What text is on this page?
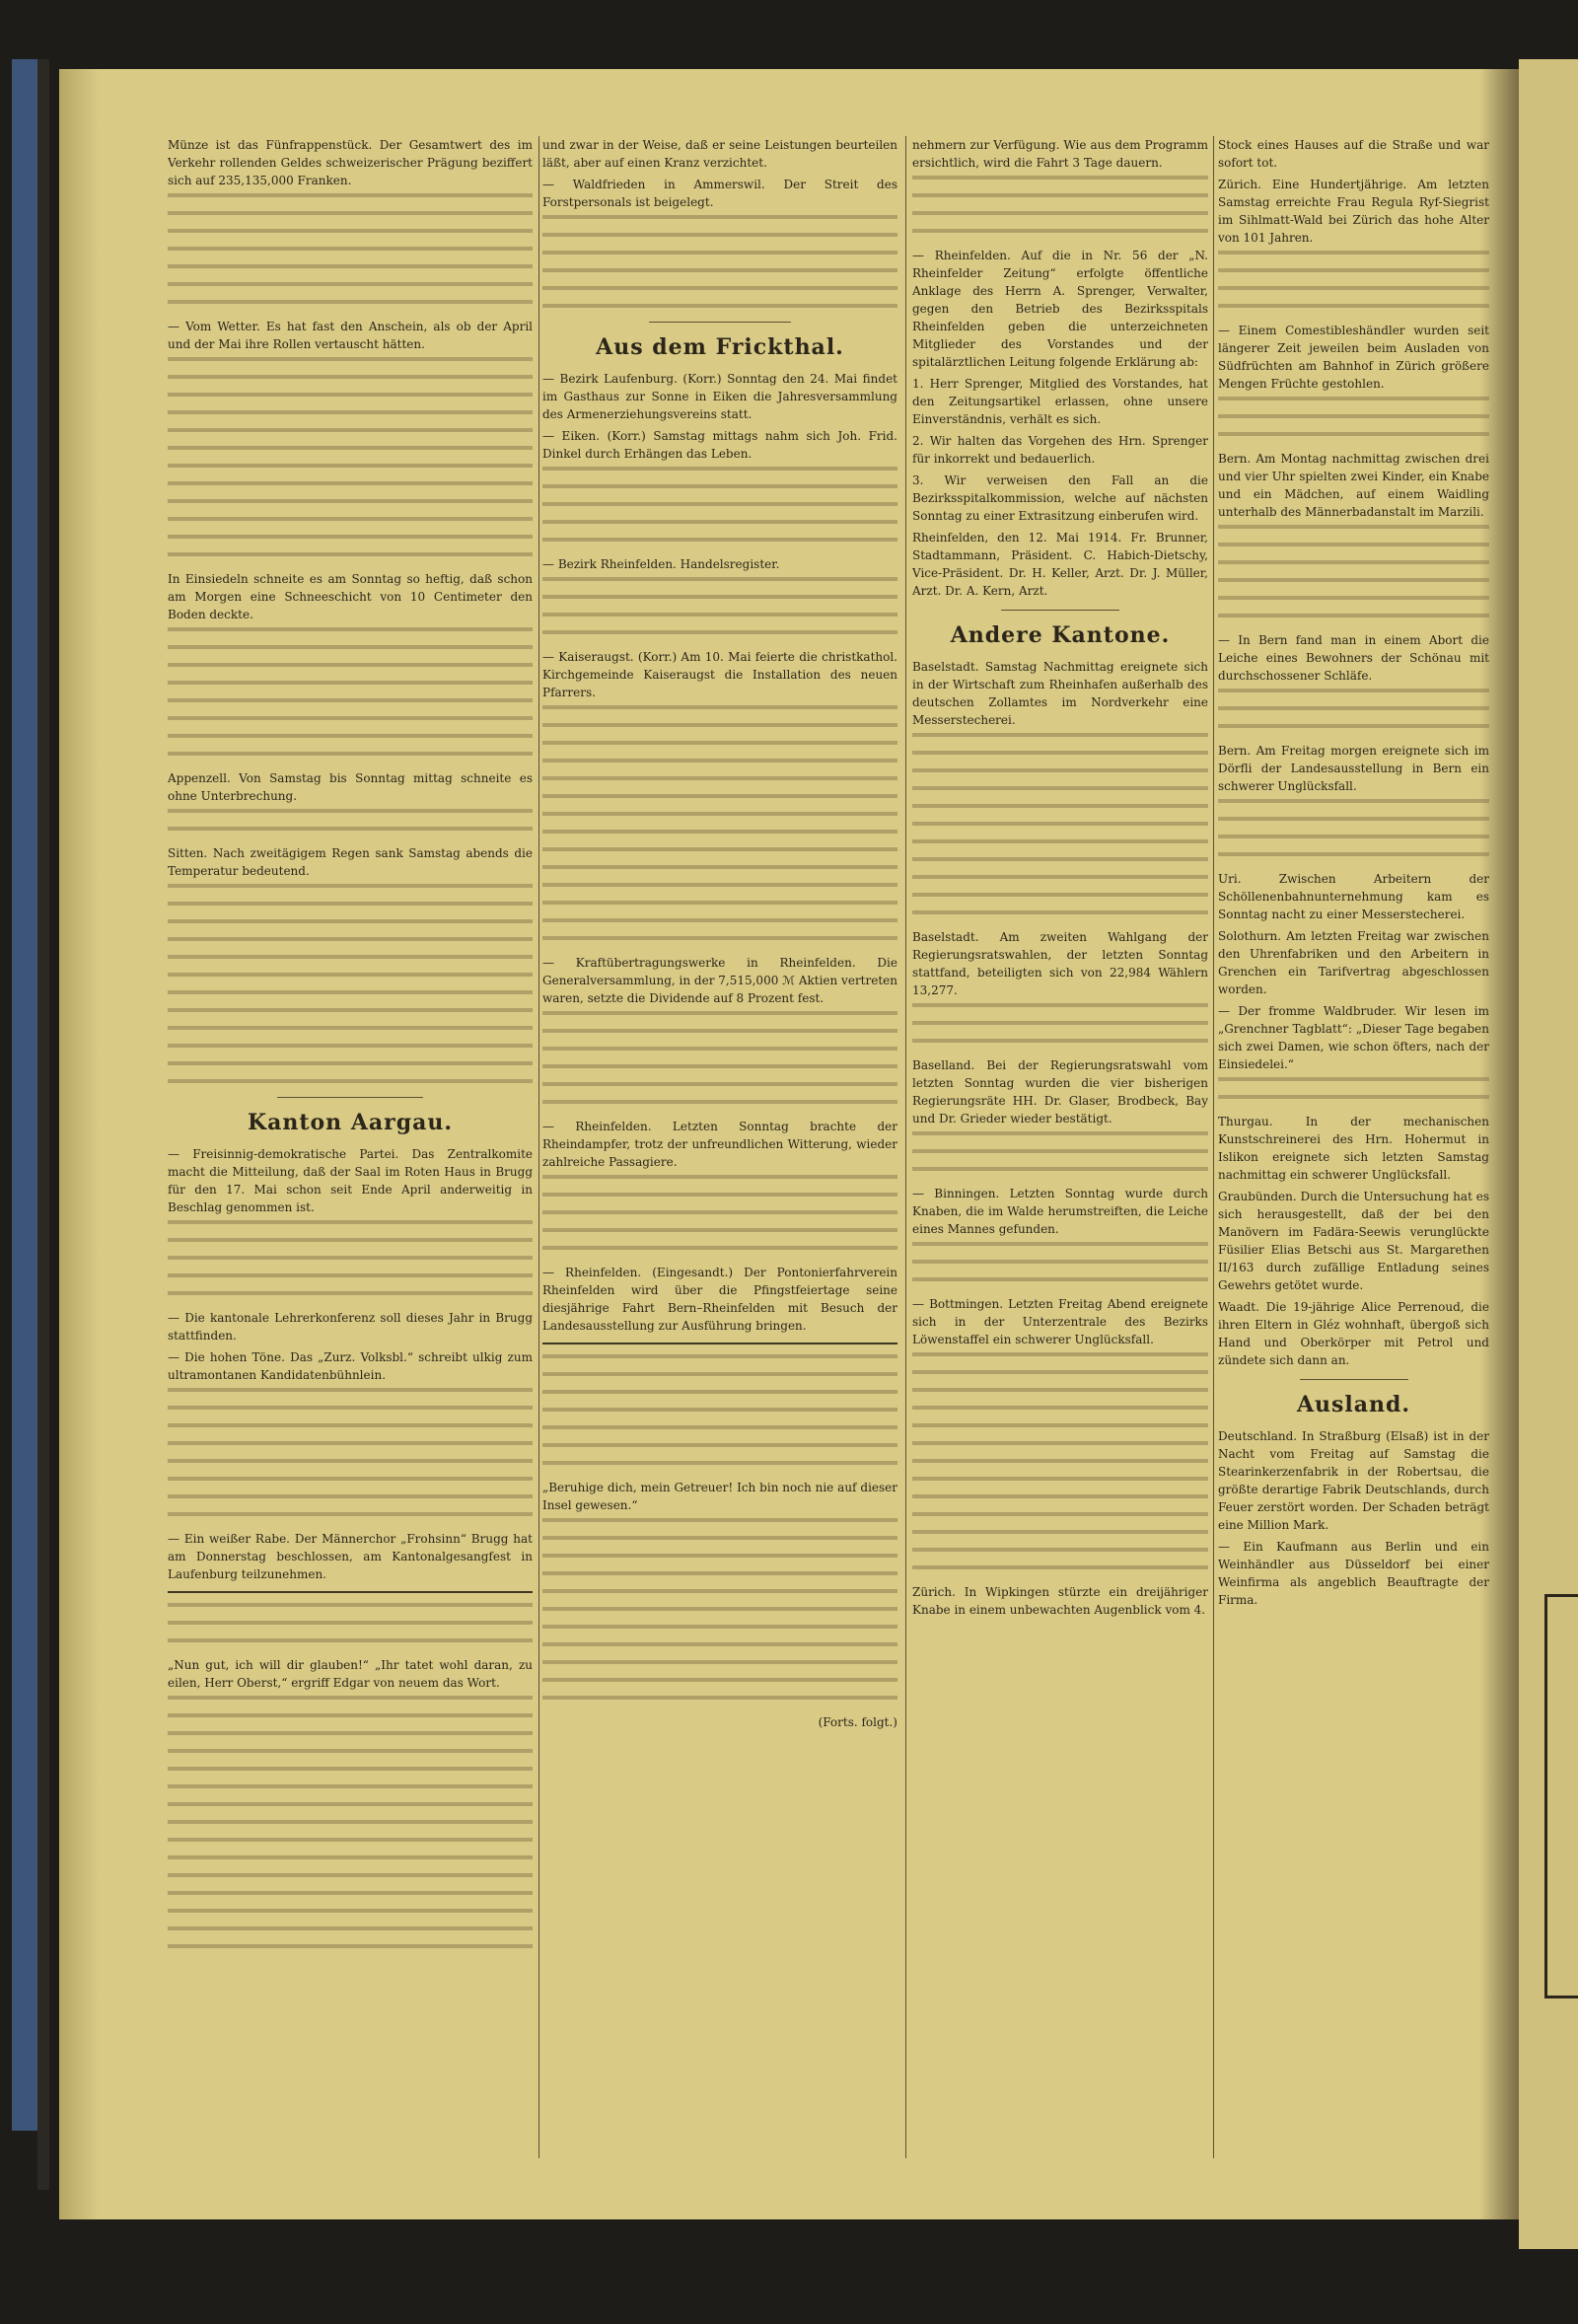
Münze ist das Fünfrappenstück. Der Gesamtwert des im Verkehr rollenden Geldes schweizerischer Prägung beziffert sich auf 235,135,000 Franken.

— Vom Wetter. Es hat fast den Anschein, als ob der April und der Mai ihre Rollen vertauscht hätten.

In Einsiedeln schneite es am Sonntag so heftig, daß schon am Morgen eine Schneeschicht von 10 Centimeter den Boden deckte.

Appenzell. Von Samstag bis Sonntag mittag schneite es ohne Unterbrechung.

Sitten. Nach zweitägigem Regen sank Samstag abends die Temperatur bedeutend.

Kanton Aargau.

— Freisinnig-demokratische Partei. Das Zentralkomite macht die Mitteilung, daß der Saal im Roten Haus in Brugg für den 17. Mai schon seit Ende April anderweitig in Beschlag genommen ist.

— Die kantonale Lehrerkonferenz soll dieses Jahr in Brugg stattfinden.

— Die hohen Töne. Das „Zurz. Volksbl.“ schreibt ulkig zum ultramontanen Kandidatenbühnlein.

— Ein weißer Rabe. Der Männerchor „Frohsinn“ Brugg hat am Donnerstag beschlossen, am Kantonalgesangfest in Laufenburg teilzunehmen.

„Nun gut, ich will dir glauben!“ „Ihr tatet wohl daran, zu eilen, Herr Oberst,“ ergriff Edgar von neuem das Wort.

und zwar in der Weise, daß er seine Leistungen beurteilen läßt, aber auf einen Kranz verzichtet.

— Waldfrieden in Ammerswil. Der Streit des Forstpersonals ist beigelegt.

Aus dem Frickthal.

— Bezirk Laufenburg. (Korr.) Sonntag den 24. Mai findet im Gasthaus zur Sonne in Eiken die Jahresversammlung des Armenerziehungsvereins statt.

— Eiken. (Korr.) Samstag mittags nahm sich Joh. Frid. Dinkel durch Erhängen das Leben.

— Bezirk Rheinfelden. Handelsregister.

— Kaiseraugst. (Korr.) Am 10. Mai feierte die christkathol. Kirchgemeinde Kaiseraugst die Installation des neuen Pfarrers.

— Kraftübertragungswerke in Rheinfelden. Die Generalversammlung, in der 7,515,000 ℳ Aktien vertreten waren, setzte die Dividende auf 8 Prozent fest.

— Rheinfelden. Letzten Sonntag brachte der Rheindampfer, trotz der unfreundlichen Witterung, wieder zahlreiche Passagiere.

— Rheinfelden. (Eingesandt.) Der Pontonierfahrverein Rheinfelden wird über die Pfingstfeiertage seine diesjährige Fahrt Bern–Rheinfelden mit Besuch der Landesausstellung zur Ausführung bringen.

„Beruhige dich, mein Getreuer! Ich bin noch nie auf dieser Insel gewesen.“

(Forts. folgt.)

nehmern zur Verfügung. Wie aus dem Programm ersichtlich, wird die Fahrt 3 Tage dauern.

— Rheinfelden. Auf die in Nr. 56 der „N. Rheinfelder Zeitung“ erfolgte öffentliche Anklage des Herrn A. Sprenger, Verwalter, gegen den Betrieb des Bezirksspitals Rheinfelden geben die unterzeichneten Mitglieder des Vorstandes und der spitalärztlichen Leitung folgende Erklärung ab:

1. Herr Sprenger, Mitglied des Vorstandes, hat den Zeitungsartikel erlassen, ohne unsere Einverständnis, verhält es sich.

2. Wir halten das Vorgehen des Hrn. Sprenger für inkorrekt und bedauerlich.

3. Wir verweisen den Fall an die Bezirksspitalkommission, welche auf nächsten Sonntag zu einer Extrasitzung einberufen wird.

Rheinfelden, den 12. Mai 1914. Fr. Brunner, Stadtammann, Präsident. C. Habich-Dietschy, Vice-Präsident. Dr. H. Keller, Arzt. Dr. J. Müller, Arzt. Dr. A. Kern, Arzt.

Andere Kantone.

Baselstadt. Samstag Nachmittag ereignete sich in der Wirtschaft zum Rheinhafen außerhalb des deutschen Zollamtes im Nordverkehr eine Messerstecherei.

Baselstadt. Am zweiten Wahlgang der Regierungsratswahlen, der letzten Sonntag stattfand, beteiligten sich von 22,984 Wählern 13,277.

Baselland. Bei der Regierungsratswahl vom letzten Sonntag wurden die vier bisherigen Regierungsräte HH. Dr. Glaser, Brodbeck, Bay und Dr. Grieder wieder bestätigt.

— Binningen. Letzten Sonntag wurde durch Knaben, die im Walde herumstreiften, die Leiche eines Mannes gefunden.

— Bottmingen. Letzten Freitag Abend ereignete sich in der Unterzentrale des Bezirks Löwenstaffel ein schwerer Unglücksfall.

Zürich. In Wipkingen stürzte ein dreijähriger Knabe in einem unbewachten Augenblick vom 4.

Stock eines Hauses auf die Straße und war sofort tot.

Zürich. Eine Hundertjährige. Am letzten Samstag erreichte Frau Regula Ryf-Siegrist im Sihlmatt-Wald bei Zürich das hohe Alter von 101 Jahren.

— Einem Comestibleshändler wurden seit längerer Zeit jeweilen beim Ausladen von Südfrüchten am Bahnhof in Zürich größere Mengen Früchte gestohlen.

Bern. Am Montag nachmittag zwischen drei und vier Uhr spielten zwei Kinder, ein Knabe und ein Mädchen, auf einem Waidling unterhalb des Männerbadanstalt im Marzili.

— In Bern fand man in einem Abort die Leiche eines Bewohners der Schönau mit durchschossener Schläfe.

Bern. Am Freitag morgen ereignete sich im Dörfli der Landesausstellung in Bern ein schwerer Unglücksfall.

Uri. Zwischen Arbeitern der Schöllenenbahnunternehmung kam es Sonntag nacht zu einer Messerstecherei.

Solothurn. Am letzten Freitag war zwischen den Uhrenfabriken und den Arbeitern in Grenchen ein Tarifvertrag abgeschlossen worden.

— Der fromme Waldbruder. Wir lesen im „Grenchner Tagblatt“: „Dieser Tage begaben sich zwei Damen, wie schon öfters, nach der Einsiedelei.“

Thurgau. In der mechanischen Kunstschreinerei des Hrn. Hohermut in Islikon ereignete sich letzten Samstag nachmittag ein schwerer Unglücksfall.

Graubünden. Durch die Untersuchung hat es sich herausgestellt, daß der bei den Manövern im Fadära-Seewis verunglückte Füsilier Elias Betschi aus St. Margarethen II/163 durch zufällige Entladung seines Gewehrs getötet wurde.

Waadt. Die 19-jährige Alice Perrenoud, die ihren Eltern in Gléz wohnhaft, übergoß sich Hand und Oberkörper mit Petrol und zündete sich dann an.

Ausland.

Deutschland. In Straßburg (Elsaß) ist in der Nacht vom Freitag auf Samstag die Stearinkerzenfabrik in der Robertsau, die größte derartige Fabrik Deutschlands, durch Feuer zerstört worden. Der Schaden beträgt eine Million Mark.

— Ein Kaufmann aus Berlin und ein Weinhändler aus Düsseldorf bei einer Weinfirma als angeblich Beauftragte der Firma.
